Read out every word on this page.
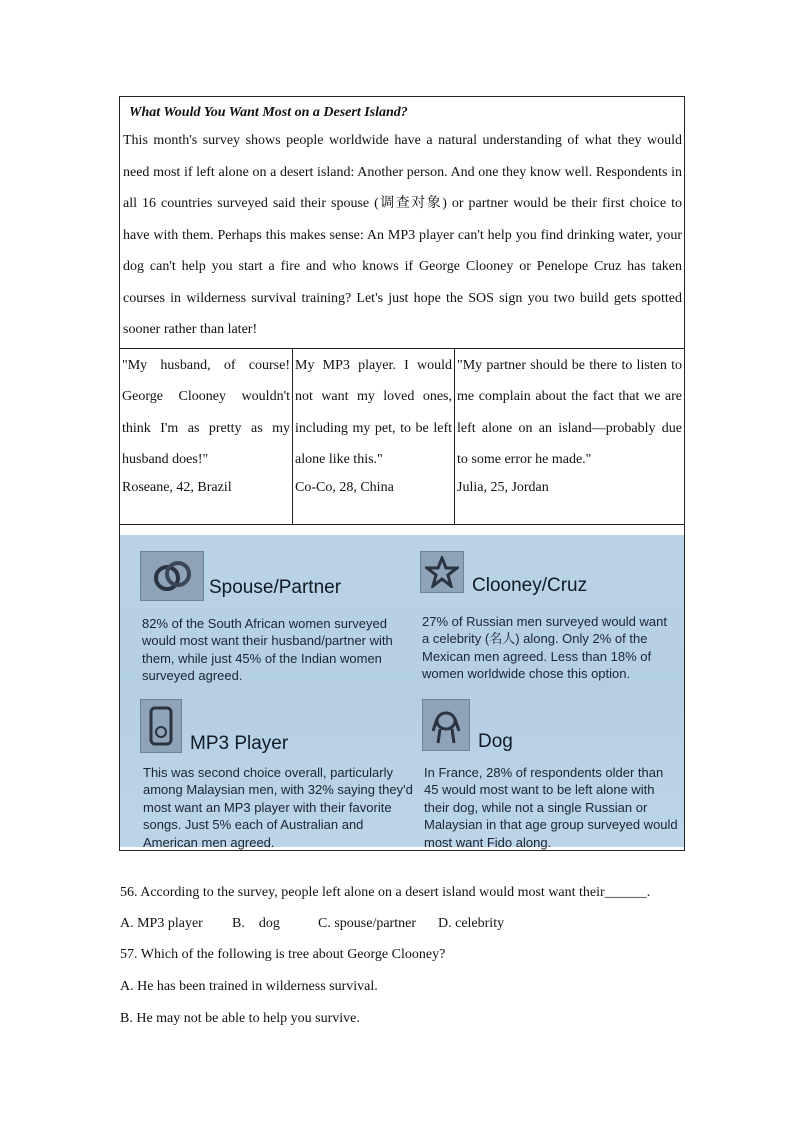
What Would You Want Most on a Desert Island?

This month's survey shows people worldwide have a natural understanding of what they would need most if left alone on a desert island: Another person. And one they know well. Respondents in all 16 countries surveyed said their spouse (调查对象) or partner would be their first choice to have with them. Perhaps this makes sense: An MP3 player can't help you find drinking water, your dog can't help you start a fire and who knows if George Clooney or Penelope Cruz has taken courses in wilderness survival training? Let's just hope the SOS sign you two build gets spotted sooner rather than later!

"My husband, of course! George Clooney wouldn't think I'm as pretty as my husband does!"

Roseane, 42, Brazil

My MP3 player. I would not want my loved ones, including my pet, to be left alone like this."

Co-Co, 28, China

"My partner should be there to listen to me complain about the fact that we are left alone on an island—probably due to some error he made."

Julia, 25, Jordan
Spouse/Partner
82% of the South African women surveyed would most want their husband/partner with them, while just 45% of the Indian women surveyed agreed.
Clooney/Cruz
27% of Russian men surveyed would want a celebrity (名人) along. Only 2% of the Mexican men agreed. Less than 18% of women worldwide chose this option.
MP3 Player
This was second choice overall, particularly among Malaysian men, with 32% saying they'd most want an MP3 player with their favorite songs. Just 5% each of Australian and American men agreed.
Dog
In France, 28% of respondents older than 45 would most want to be left alone with their dog, while not a single Russian or Malaysian in that age group surveyed would most want Fido along.
56. According to the survey, people left alone on a desert island would most want their______.
A. MP3 player	B.    dog	C. spouse/partner	D. celebrity
57. Which of the following is tree about George Clooney?
A. He has been trained in wilderness survival.
B. He may not be able to help you survive.
